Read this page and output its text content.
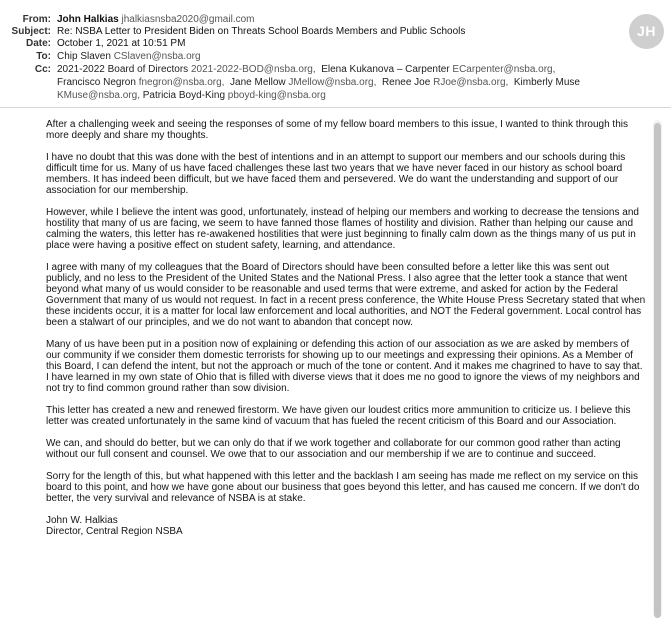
From: John Halkias jhalkiasnsba2020@gmail.com
Subject: Re: NSBA Letter to President Biden on Threats School Boards Members and Public Schools
Date: October 1, 2021 at 10:51 PM
To: Chip Slaven CSlaven@nsba.org
Cc: 2021-2022 Board of Directors 2021-2022-BOD@nsba.org, Elena Kukanova – Carpenter ECarpenter@nsba.org,
Francisco Negron fnegron@nsba.org, Jane Mellow JMellow@nsba.org, Renee Joe RJoe@nsba.org, Kimberly Muse
KMuse@nsba.org, Patricia Boyd-King pboyd-king@nsba.org
JH

After a challenging week and seeing the responses of some of my fellow board members to this issue, I wanted to think through this more deeply and share my thoughts.

I have no doubt that this was done with the best of intentions and in an attempt to support our members and our schools during this difficult time for us. Many of us have faced challenges these last two years that we have never faced in our history as school board members. It has indeed been difficult, but we have faced them and persevered. We do want the understanding and support of our association for our membership.

However, while I believe the intent was good, unfortunately, instead of helping our members and working to decrease the tensions and hostility that many of us are facing, we seem to have fanned those flames of hostility and division. Rather than helping our cause and calming the waters, this letter has re-awakened hostilities that were just beginning to finally calm down as the things many of us put in place were having a positive effect on student safety, learning, and attendance.

I agree with many of my colleagues that the Board of Directors should have been consulted before a letter like this was sent out publicly, and no less to the President of the United States and the National Press. I also agree that the letter took a stance that went beyond what many of us would consider to be reasonable and used terms that were extreme, and asked for action by the Federal Government that many of us would not request. In fact in a recent press conference, the White House Press Secretary stated that when these incidents occur, it is a matter for local law enforcement and local authorities, and NOT the Federal government. Local control has been a stalwart of our principles, and we do not want to abandon that concept now.

Many of us have been put in a position now of explaining or defending this action of our association as we are asked by members of our community if we consider them domestic terrorists for showing up to our meetings and expressing their opinions. As a Member of this Board, I can defend the intent, but not the approach or much of the tone or content. And it makes me chagrined to have to say that. I have learned in my own state of Ohio that is filled with diverse views that it does me no good to ignore the views of my neighbors and not try to find common ground rather than sow division.

This letter has created a new and renewed firestorm. We have given our loudest critics more ammunition to criticize us. I believe this letter was created unfortunately in the same kind of vacuum that has fueled the recent criticism of this Board and our Association.

We can, and should do better, but we can only do that if we work together and collaborate for our common good rather than acting without our full consent and counsel. We owe that to our association and our membership if we are to continue and succeed.

Sorry for the length of this, but what happened with this letter and the backlash I am seeing has made me reflect on my service on this board to this point, and how we have gone about our business that goes beyond this letter, and has caused me concern. If we don't do better, the very survival and relevance of NSBA is at stake.

John W. Halkias
Director, Central Region NSBA
